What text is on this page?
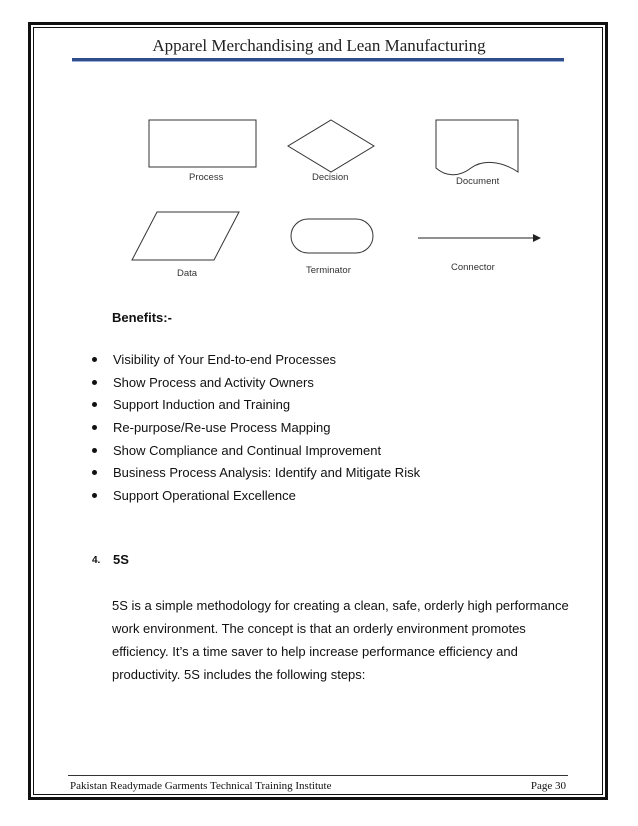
Apparel Merchandising and Lean Manufacturing
Process	Decision	Document
Data	Terminator	Connector
Benefits:-
Visibility of Your End-to-end Processes
Show Process and Activity Owners
Support Induction and Training
Re-purpose/Re-use Process Mapping
Show Compliance and Continual Improvement
Business Process Analysis: Identify and Mitigate Risk
Support Operational Excellence
4. 5S

5S is a simple methodology for creating a clean, safe, orderly high performance work environment. The concept is that an orderly environment promotes efficiency. It’s a time saver to help increase performance efficiency and productivity. 5S includes the following steps:

Pakistan Readymade Garments Technical Training Institute	Page 30
